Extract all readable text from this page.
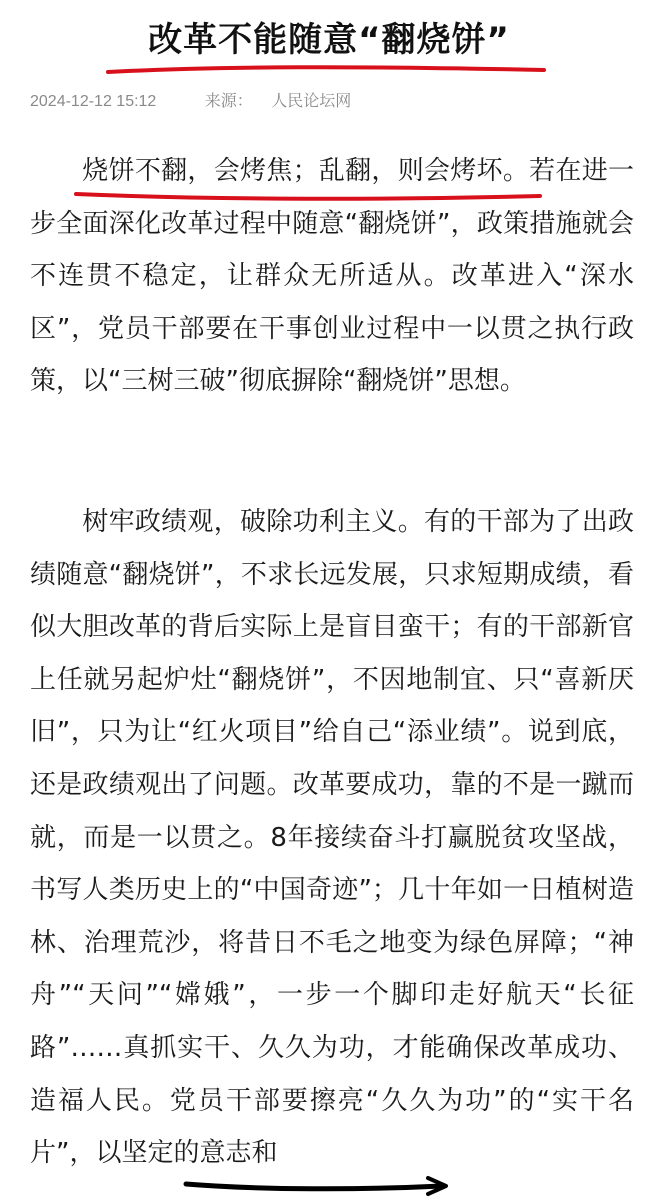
改革不能随意“翻烧饼”
2024-12-12 15:12	来源： 人民论坛网

烧饼不翻，会烤焦；乱翻，则会烤坏。若在进一步全面深化改革过程中随意“翻烧饼”，政策措施就会不连贯不稳定，让群众无所适从。改革进入“深水区”，党员干部要在干事创业过程中一以贯之执行政策，以“三树三破”彻底摒除“翻烧饼”思想。

树牢政绩观，破除功利主义。有的干部为了出政绩随意“翻烧饼”，不求长远发展，只求短期成绩，看似大胆改革的背后实际上是盲目蛮干；有的干部新官上任就另起炉灶“翻烧饼”，不因地制宜、只“喜新厌旧”，只为让“红火项目”给自己“添业绩”。说到底，还是政绩观出了问题。改革要成功，靠的不是一蹴而就，而是一以贯之。8年接续奋斗打赢脱贫攻坚战，书写人类历史上的“中国奇迹”；几十年如一日植树造林、治理荒沙，将昔日不毛之地变为绿色屏障；“神舟”“天问”“嫦娥”，一步一个脚印走好航天“长征路”……真抓实干、久久为功，才能确保改革成功、造福人民。党员干部要擦亮“久久为功”的“实干名片”，以坚定的意志和
